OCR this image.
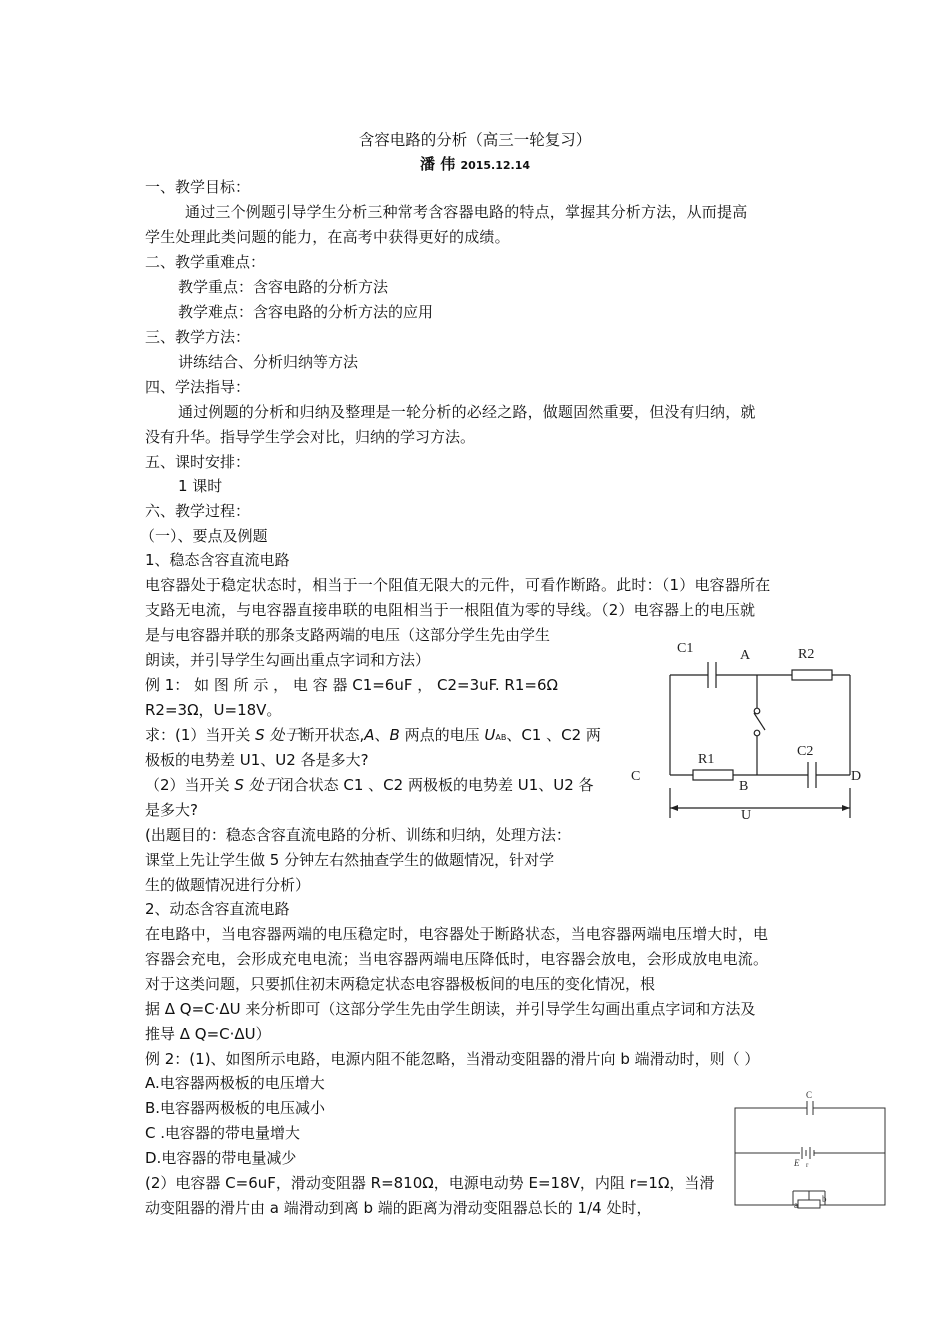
含容电路的分析（高三一轮复习）
潘 伟 2015.12.14
一、教学目标：
通过三个例题引导学生分析三种常考含容器电路的特点，掌握其分析方法，从而提高
学生处理此类问题的能力，在高考中获得更好的成绩。
二、教学重难点：
教学重点：含容电路的分析方法
教学难点：含容电路的分析方法的应用
三、教学方法：
讲练结合、分析归纳等方法
四、学法指导：
通过例题的分析和归纳及整理是一轮分析的必经之路，做题固然重要，但没有归纳，就
没有升华。指导学生学会对比，归纳的学习方法。
五、课时安排：
1 课时
六、教学过程：
（一）、要点及例题
1、稳态含容直流电路
电容器处于稳定状态时，相当于一个阻值无限大的元件，可看作断路。此时：（1）电容器所在
支路无电流，与电容器直接串联的电阻相当于一根阻值为零的导线。（2）电容器上的电压就
是与电容器并联的那条支路两端的电压（这部分学生先由学生
朗读，并引导学生勾画出重点字词和方法）
例 1： 如 图 所 示 ， 电 容 器 C1=6uF ， C2=3uF. R1=6Ω
R2=3Ω，U=18V。
求：(1）当开关 S 处于断开状态,A、B 两点的电压 UAB、C1 、C2 两
极板的电势差 U1、U2 各是多大?
（2）当开关 S 处于闭合状态 C1 、C2 两极板的电势差 U1、U2 各
是多大?
(出题目的：稳态含容直流电路的分析、训练和归纳，处理方法：
课堂上先让学生做 5 分钟左右然抽查学生的做题情况，针对学
生的做题情况进行分析）
2、动态含容直流电路
在电路中，当电容器两端的电压稳定时，电容器处于断路状态，当电容器两端电压增大时，电
容器会充电，会形成充电电流；当电容器两端电压降低时，电容器会放电，会形成放电电流。
对于这类问题，只要抓住初末两稳定状态电容器极板间的电压的变化情况，根
据 Δ Q=C·ΔU 来分析即可（这部分学生先由学生朗读，并引导学生勾画出重点字词和方法及
推导 Δ Q=C·ΔU）
例 2：(1)、如图所示电路，电源内阻不能忽略，当滑动变阻器的滑片向 b 端滑动时，则（ ）
A.电容器两极板的电压增大
B.电容器两极板的电压减小
C .电容器的带电量增大
D.电容器的带电量减少
(2）电容器 C=6uF，滑动变阻器 R=810Ω，电源电动势 E=18V，内阻 r=1Ω，当滑
动变阻器的滑片由 a 端滑动到离 b 端的距离为滑动变阻器总长的 1/4 处时，
C1	A	R2
R1
C2
C
B
D
U
C
E r
a
b
